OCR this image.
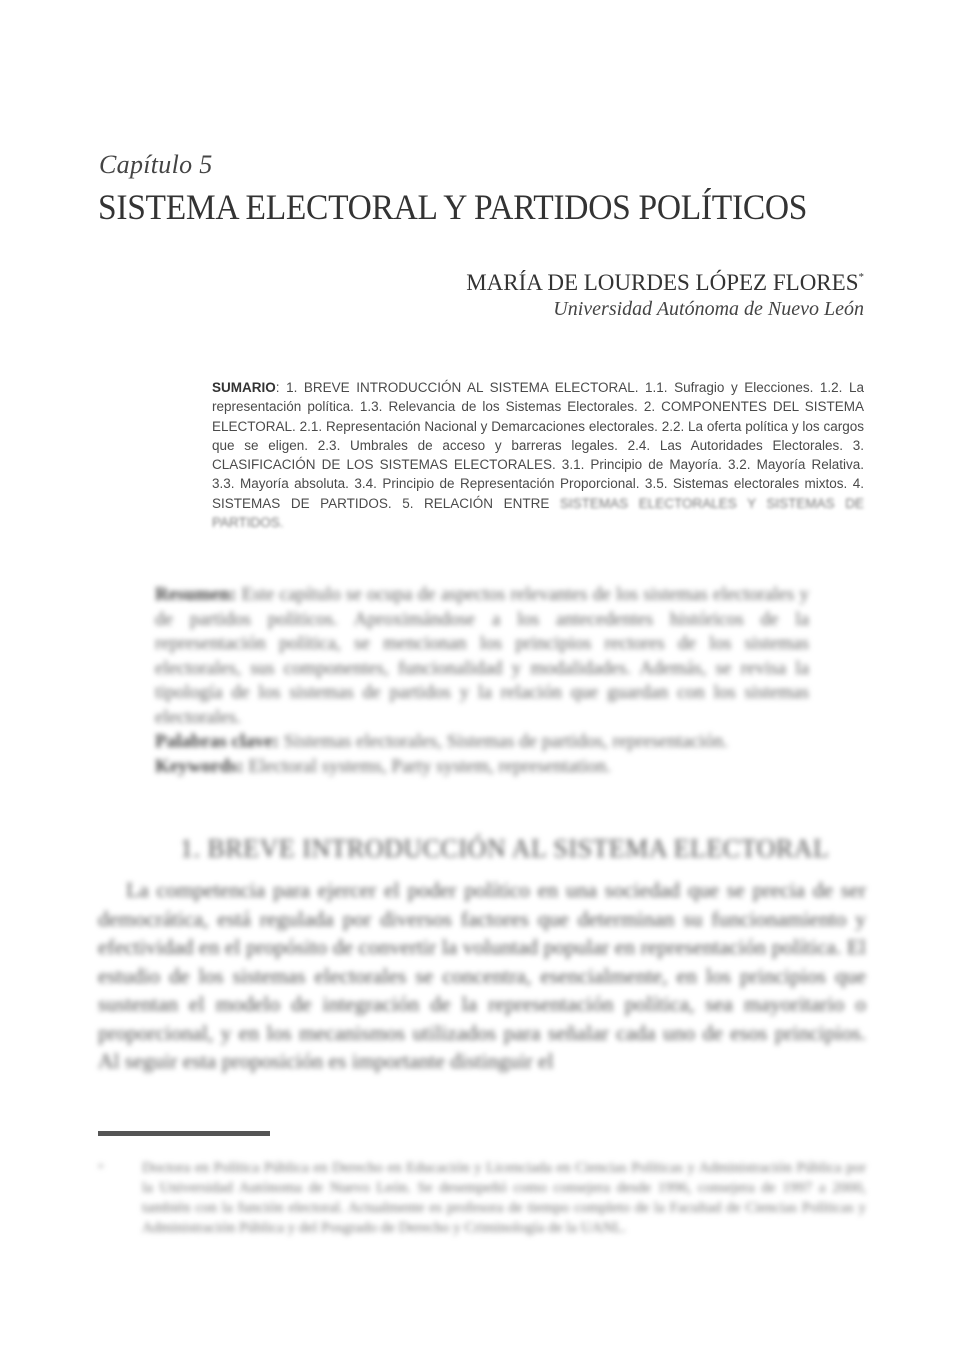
Capítulo 5
SISTEMA ELECTORAL Y PARTIDOS POLÍTICOS
MARÍA DE LOURDES LÓPEZ FLORES*
Universidad Autónoma de Nuevo León
SUMARIO: 1. BREVE INTRODUCCIÓN AL SISTEMA ELECTORAL. 1.1. Sufragio y Elecciones. 1.2. La representación política. 1.3. Relevancia de los Sistemas Electorales. 2. COMPONENTES DEL SISTEMA ELECTORAL. 2.1. Representación Nacional y Demarcaciones electorales. 2.2. La oferta política y los cargos que se eligen. 2.3. Umbrales de acceso y barreras legales. 2.4. Las Autoridades Electorales. 3. CLASIFICACIÓN DE LOS SISTEMAS ELECTORALES. 3.1. Principio de Mayoría. 3.2. Mayoría Relativa. 3.3. Mayoría absoluta. 3.4. Principio de Representación Proporcional. 3.5. Sistemas electorales mixtos. 4. SISTEMAS DE PARTIDOS. 5. RELACIÓN ENTRE SISTEMAS ELECTORALES Y SISTEMAS DE PARTIDOS.
Resumen: Este capítulo se ocupa de aspectos relevantes de los sistemas electorales y de partidos políticos. Aproximándose a los antecedentes históricos de la representación política, se mencionan los principios rectores de los sistemas electorales, sus componentes, funcionalidad y modalidades. Además, se revisa la tipología de los sistemas de partidos y la relación que guardan con los sistemas electorales.
Palabras clave: Sistemas electorales, Sistemas de partidos, representación.
Keywords: Electoral systems, Party system, representation.
1. BREVE INTRODUCCIÓN AL SISTEMA ELECTORAL
La competencia para ejercer el poder político en una sociedad que se precia de ser democrática, está regulada por diversos factores que determinan su funcionamiento y efectividad en el propósito de convertir la voluntad popular en representación política. El estudio de los sistemas electorales se concentra, esencialmente, en los principios que sustentan el modelo de integración de la representación política, sea mayoritario o proporcional, y en los mecanismos utilizados para señalar cada uno de esos principios. Al seguir esta proposición es importante distinguir el
*	Doctora en Política Pública en Derecho en Educación y Licenciada en Ciencias Políticas y Administración Pública por la Universidad Autónoma de Nuevo León. Se desempeñó como consejera desde 1996, consejera de 1997 a 2000, también con la función electoral. Actualmente es profesora de tiempo completo de la Facultad de Ciencias Políticas y Administración Pública y del Posgrado de Derecho y Criminología de la UANL.
